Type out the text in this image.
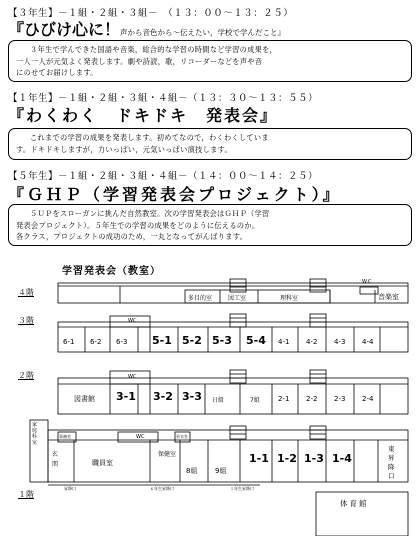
【３年生】－１組・２組・３組－　（１３：００～１３：２５）
『ひびけ心に！声から音色から～伝えたい，学校で学んだこと』
３年生で学んできた国語や音楽，総合的な学習の時間など学習の成果を，
一人一人が元気よく発表します。劇や詩読，歌，リコーダーなどを声や音
にのせてお届けします。
【１年生】－１組・２組・３組・４組－（１３：３０～１３：５５）
『わくわく　ドキドキ　発表会』
これまでの学習の成果を発表します。初めてなので，わくわくしていま
す。ドキドキしますが，力いっぱい，元気いっぱい演技します。
【５年生】－１組・２組・３組・４組－（１４：００～１４：２５）
『ＧＨＰ（学習発表会プロジェクト）』
５ＵＰをスローガンに挑んだ自然教室。次の学習発表会はＧＨＰ（学習
発表会プロジェクト）。５年生での学習の成果をどのように伝えるのか。
各クラス，プロジェクトの成功のため，一丸となってがんばります。
学習発表会（教室）
４階
３階
２階
１階
W.C
多目的室	図工室	理科室	音楽室
WC
6-1 6-2 6-3 5-1 5-2 5-3 5-4 4-1 4-2 4-3 4-4
WC
図書館 3-1 3-2 3-3 日組	7組	2-1 2-2 2-3 2-4
家庭科室
事務室	WC	更衣室
玄関	職員室
保健室
8組	9組
1-1 1-2 1-3 1-4
東昇降口
昇降口	６年生昇降口	１年生昇降口
体育館
